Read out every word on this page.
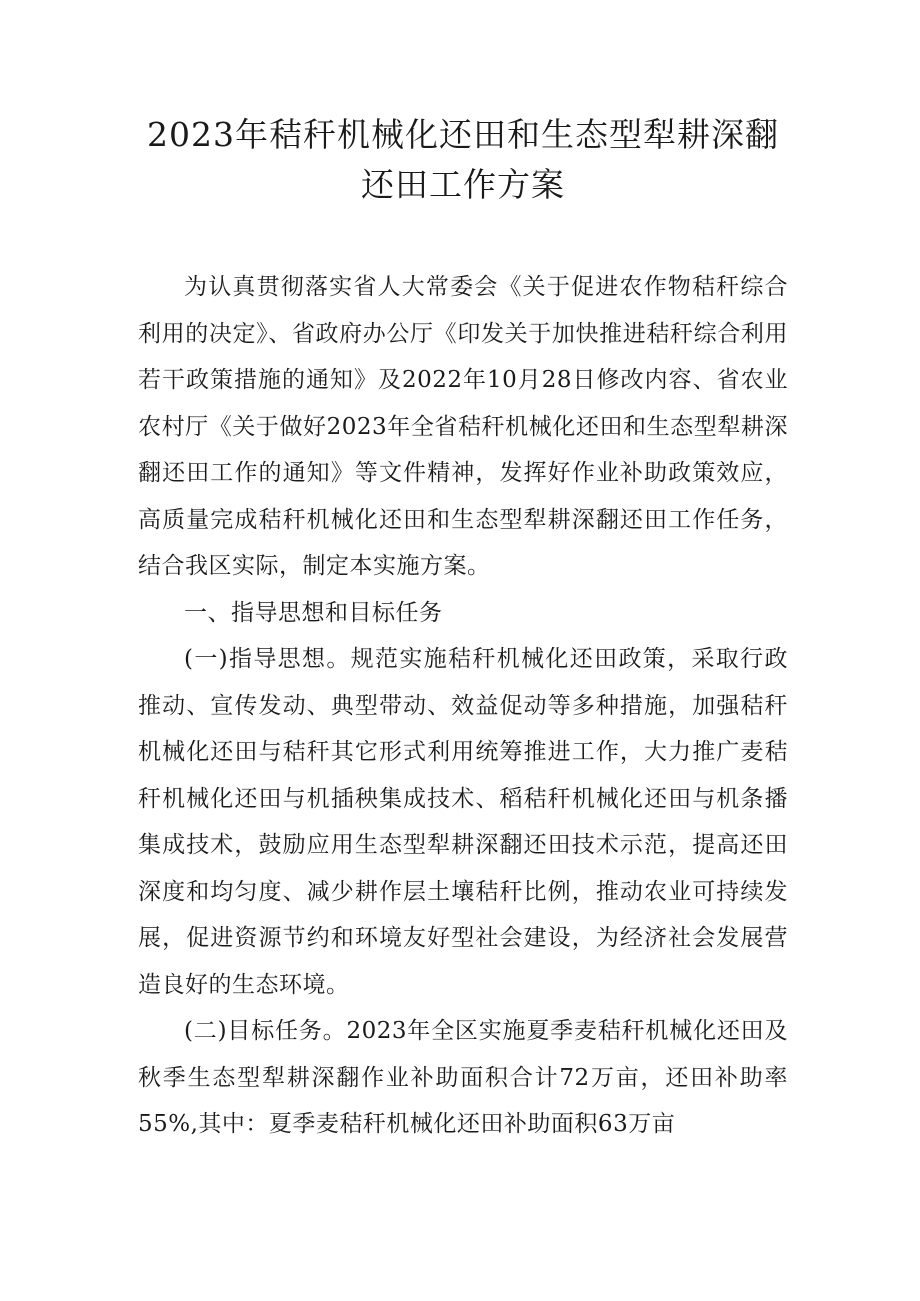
2023年秸秆机械化还田和生态型犁耕深翻
还田工作方案

为认真贯彻落实省人大常委会《关于促进农作物秸秆综合利用的决定》、省政府办公厅《印发关于加快推进秸秆综合利用若干政策措施的通知》及2022年10月28日修改内容、省农业农村厅《关于做好2023年全省秸秆机械化还田和生态型犁耕深翻还田工作的通知》等文件精神，发挥好作业补助政策效应，高质量完成秸秆机械化还田和生态型犁耕深翻还田工作任务，结合我区实际，制定本实施方案。

一、指导思想和目标任务

(一)指导思想。规范实施秸秆机械化还田政策，采取行政推动、宣传发动、典型带动、效益促动等多种措施，加强秸秆机械化还田与秸秆其它形式利用统筹推进工作，大力推广麦秸秆机械化还田与机插秧集成技术、稻秸秆机械化还田与机条播集成技术，鼓励应用生态型犁耕深翻还田技术示范，提高还田深度和均匀度、减少耕作层土壤秸秆比例，推动农业可持续发展，促进资源节约和环境友好型社会建设，为经济社会发展营造良好的生态环境。

(二)目标任务。2023年全区实施夏季麦秸秆机械化还田及秋季生态型犁耕深翻作业补助面积合计72万亩，还田补助率55%,其中：夏季麦秸秆机械化还田补助面积63万亩
